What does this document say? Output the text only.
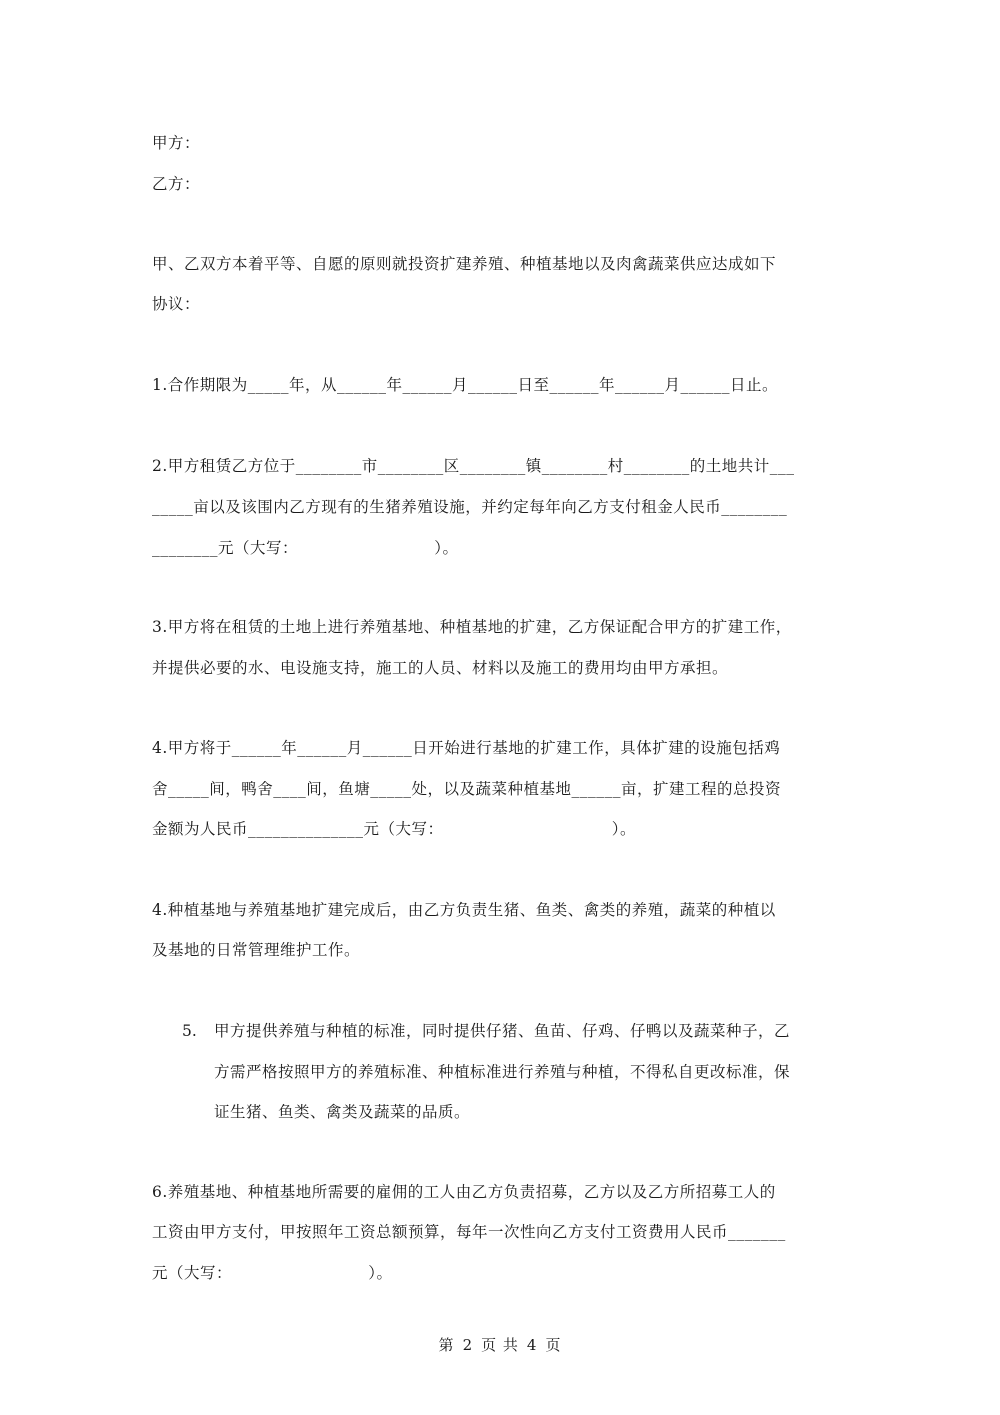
甲方：
乙方：
甲、乙双方本着平等、自愿的原则就投资扩建养殖、种植基地以及肉禽蔬菜供应达成如下
协议：
1.合作期限为_____年，从______年______月______日至______年______月______日止。
2.甲方租赁乙方位于________市________区________镇________村________的土地共计___
_____亩以及该围内乙方现有的生猪养殖设施，并约定每年向乙方支付租金人民币________
________元（大写：　　　　　　　　　）。
3.甲方将在租赁的土地上进行养殖基地、种植基地的扩建，乙方保证配合甲方的扩建工作，
并提供必要的水、电设施支持，施工的人员、材料以及施工的费用均由甲方承担。
4.甲方将于______年______月______日开始进行基地的扩建工作，具体扩建的设施包括鸡
舍_____间，鸭舍____间，鱼塘_____处，以及蔬菜种植基地______亩，扩建工程的总投资
金额为人民币______________元（大写：　　　　　　　　　　　）。
4.种植基地与养殖基地扩建完成后，由乙方负责生猪、鱼类、禽类的养殖，蔬菜的种植以
及基地的日常管理维护工作。
5. 甲方提供养殖与种植的标准，同时提供仔猪、鱼苗、仔鸡、仔鸭以及蔬菜种子，乙
方需严格按照甲方的养殖标准、种植标准进行养殖与种植，不得私自更改标准，保
证生猪、鱼类、禽类及蔬菜的品质。
6.养殖基地、种植基地所需要的雇佣的工人由乙方负责招募，乙方以及乙方所招募工人的
工资由甲方支付，甲按照年工资总额预算，每年一次性向乙方支付工资费用人民币_______
元（大写：　　　　　　　　　）。
第 2 页 共 4 页
